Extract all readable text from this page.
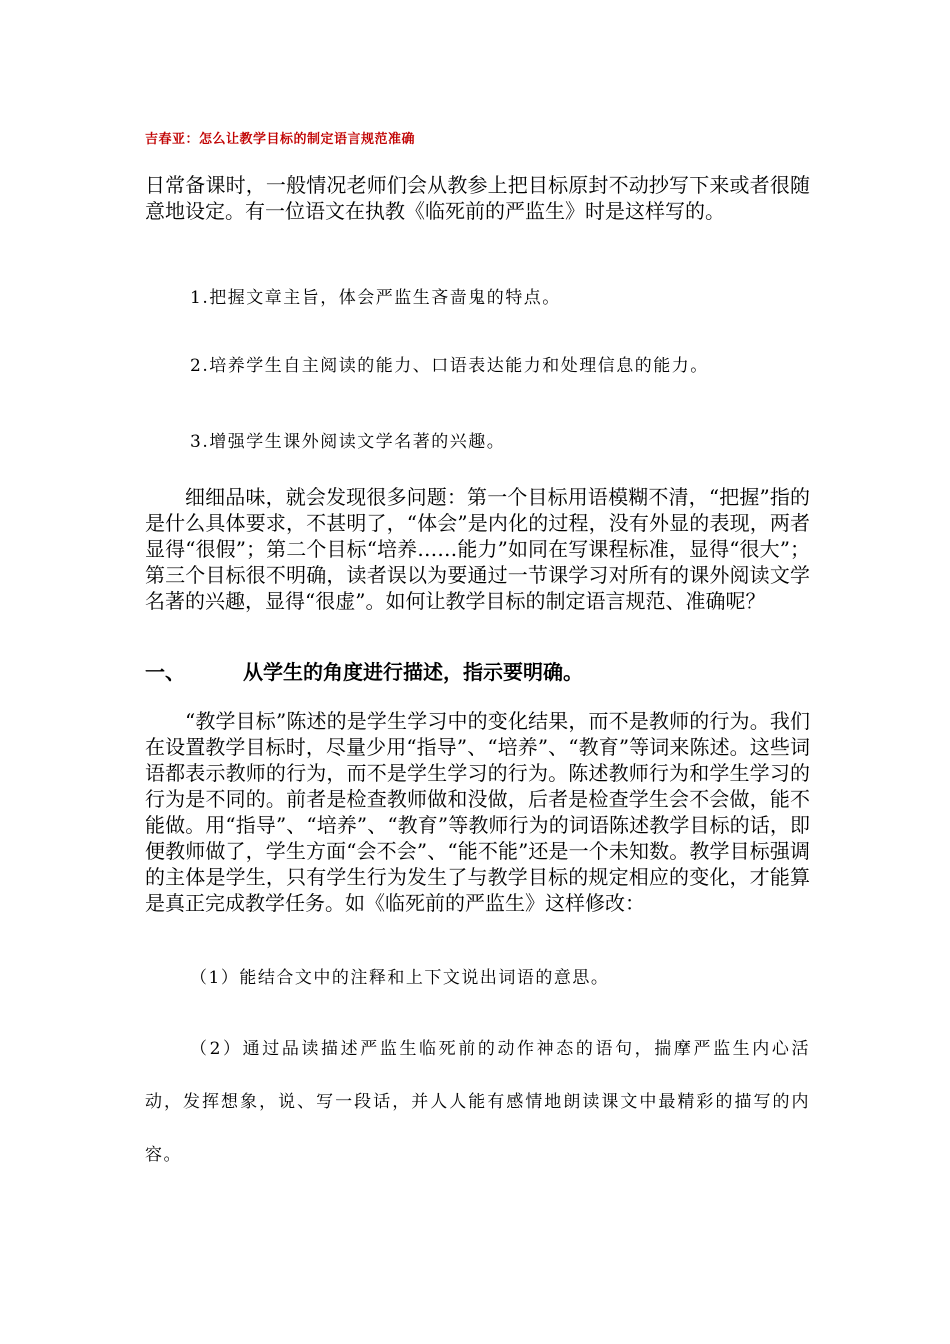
吉春亚：怎么让教学目标的制定语言规范准确

日常备课时，一般情况老师们会从教参上把目标原封不动抄写下来或者很随意地设定。有一位语文在执教《临死前的严监生》时是这样写的。

1.把握文章主旨，体会严监生吝啬鬼的特点。
2.培养学生自主阅读的能力、口语表达能力和处理信息的能力。
3.增强学生课外阅读文学名著的兴趣。

细细品味，就会发现很多问题：第一个目标用语模糊不清，“把握”指的是什么具体要求，不甚明了，“体会”是内化的过程，没有外显的表现，两者显得“很假”；第二个目标“培养……能力”如同在写课程标准，显得“很大”；第三个目标很不明确，读者误以为要通过一节课学习对所有的课外阅读文学名著的兴趣，显得“很虚”。如何让教学目标的制定语言规范、准确呢？

一、	从学生的角度进行描述，指示要明确。

“教学目标”陈述的是学生学习中的变化结果，而不是教师的行为。我们在设置教学目标时，尽量少用“指导”、“培养”、“教育”等词来陈述。这些词语都表示教师的行为，而不是学生学习的行为。陈述教师行为和学生学习的行为是不同的。前者是检查教师做和没做，后者是检查学生会不会做，能不能做。用“指导”、“培养”、“教育”等教师行为的词语陈述教学目标的话，即便教师做了，学生方面“会不会”、“能不能”还是一个未知数。教学目标强调的主体是学生，只有学生行为发生了与教学目标的规定相应的变化，才能算是真正完成教学任务。如《临死前的严监生》这样修改：

（1）能结合文中的注释和上下文说出词语的意思。

（2）通过品读描述严监生临死前的动作神态的语句，揣摩严监生内心活动，发挥想象，说、写一段话，并人人能有感情地朗读课文中最精彩的描写的内容。
